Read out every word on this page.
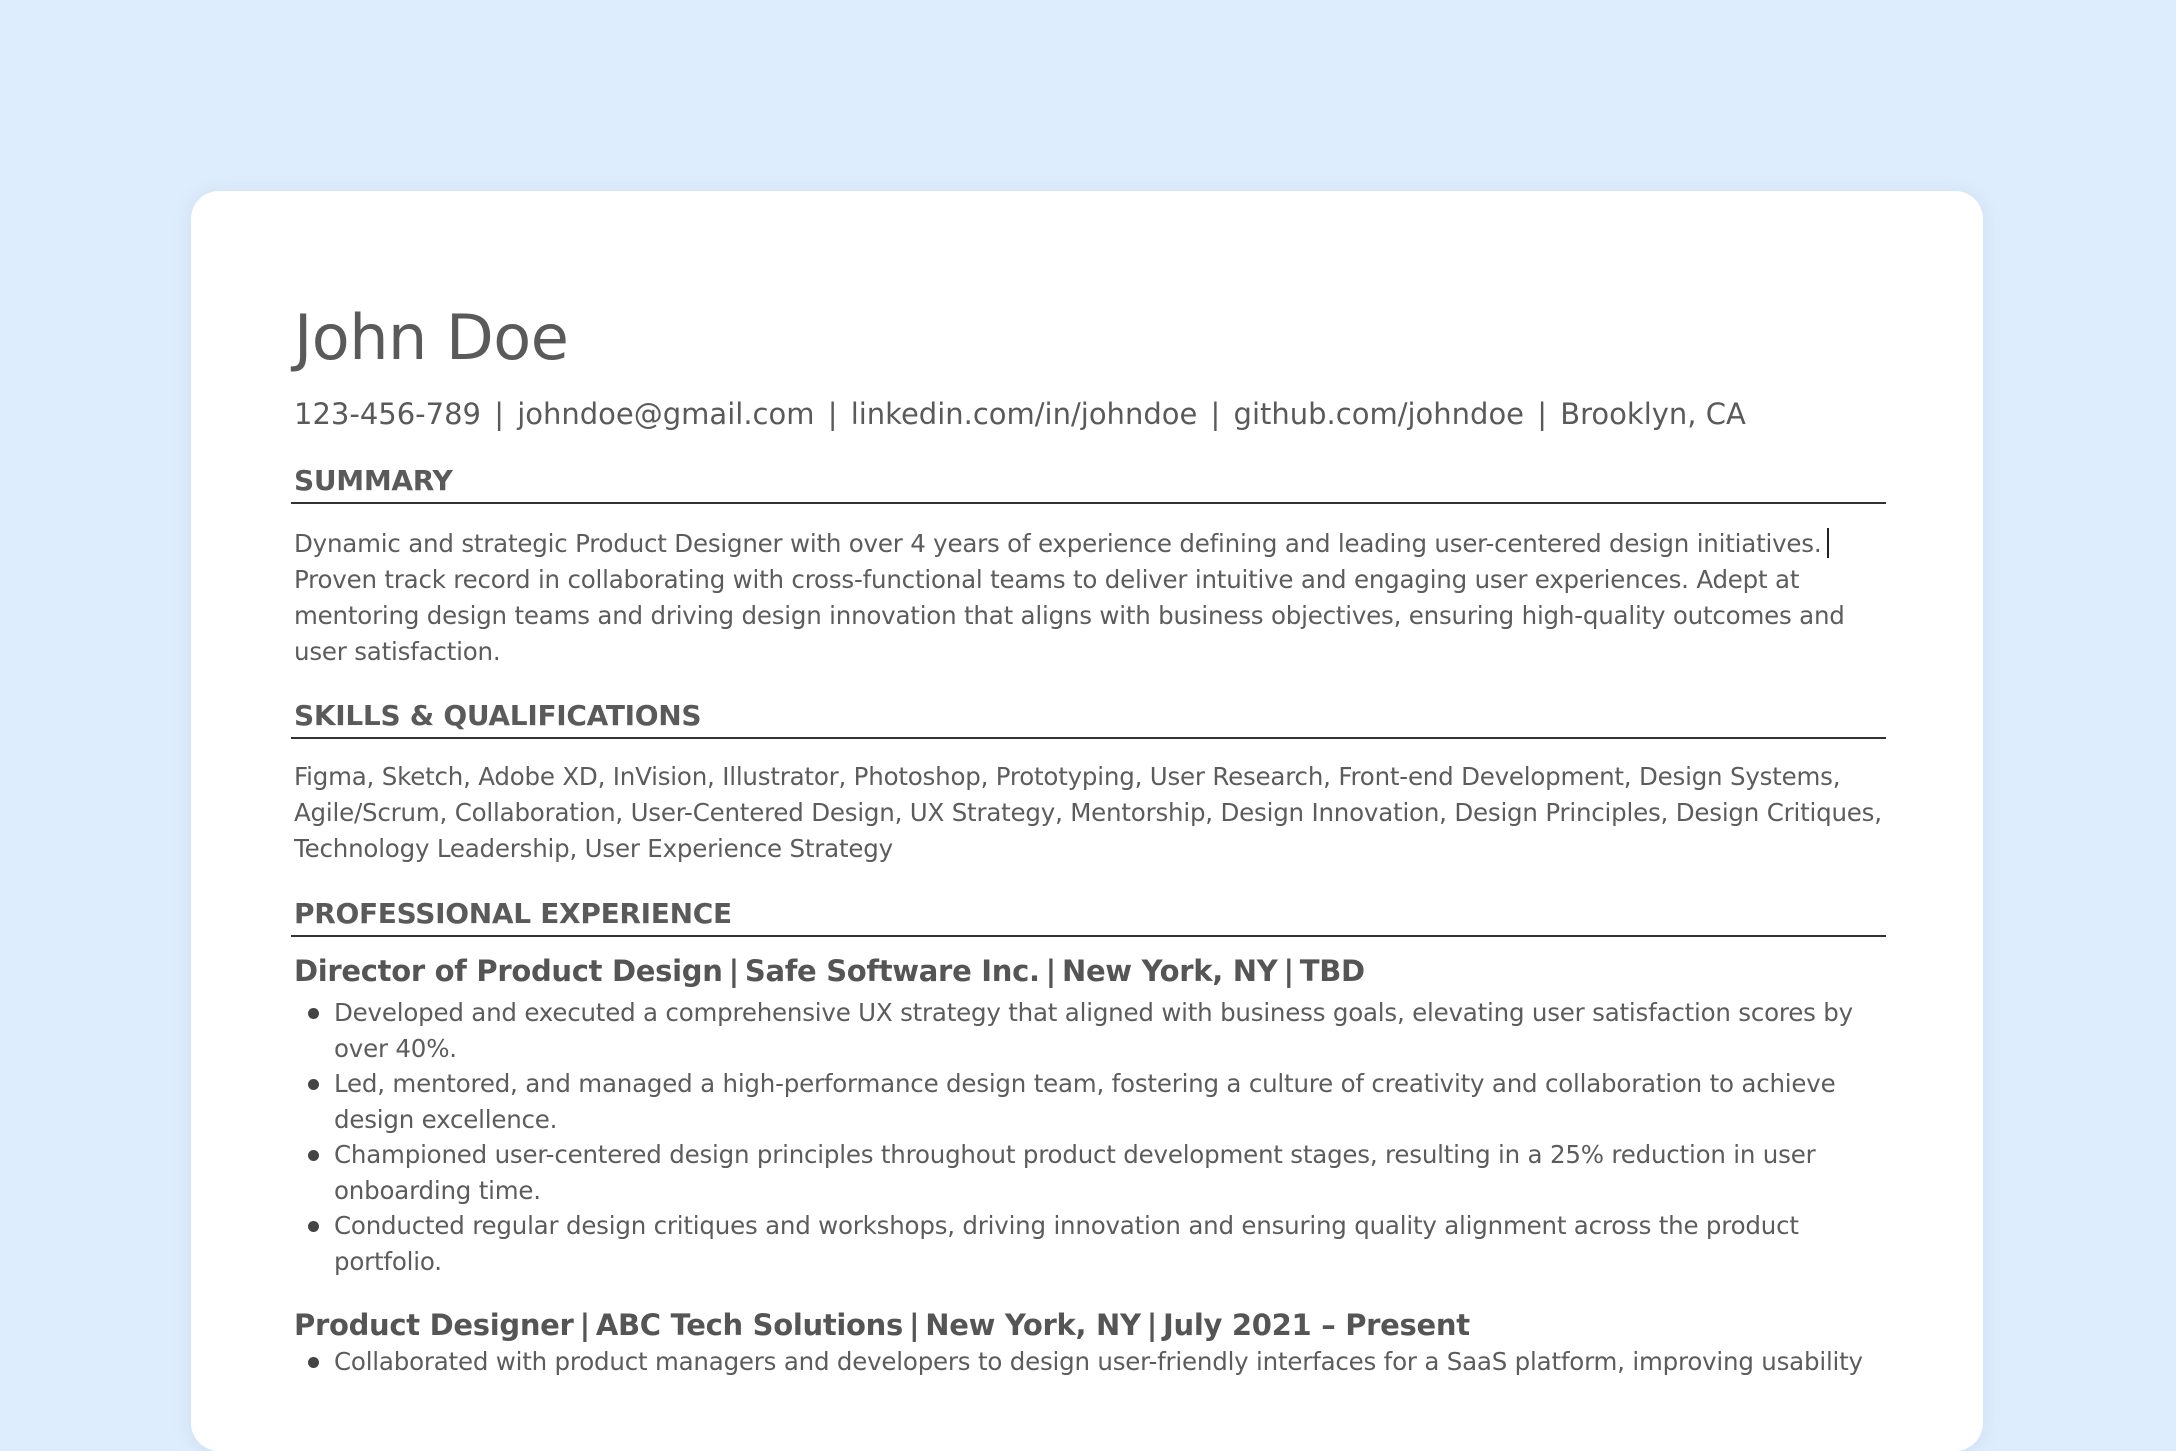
John Doe
123-456-789 | johndoe@gmail.com | linkedin.com/in/johndoe | github.com/johndoe | Brooklyn, CA
SUMMARY
Dynamic and strategic Product Designer with over 4 years of experience defining and leading user-centered design initiatives. Proven track record in collaborating with cross-functional teams to deliver intuitive and engaging user experiences. Adept at mentoring design teams and driving design innovation that aligns with business objectives, ensuring high-quality outcomes and user satisfaction.
SKILLS & QUALIFICATIONS
Figma, Sketch, Adobe XD, InVision, Illustrator, Photoshop, Prototyping, User Research, Front-end Development, Design Systems, Agile/Scrum, Collaboration, User-Centered Design, UX Strategy, Mentorship, Design Innovation, Design Principles, Design Critiques, Technology Leadership, User Experience Strategy
PROFESSIONAL EXPERIENCE
Director of Product Design | Safe Software Inc. | New York, NY | TBD
Developed and executed a comprehensive UX strategy that aligned with business goals, elevating user satisfaction scores by over 40%.
Led, mentored, and managed a high-performance design team, fostering a culture of creativity and collaboration to achieve design excellence.
Championed user-centered design principles throughout product development stages, resulting in a 25% reduction in user onboarding time.
Conducted regular design critiques and workshops, driving innovation and ensuring quality alignment across the product portfolio.
Product Designer | ABC Tech Solutions | New York, NY | July 2021 – Present
Collaborated with product managers and developers to design user-friendly interfaces for a SaaS platform, improving usability
